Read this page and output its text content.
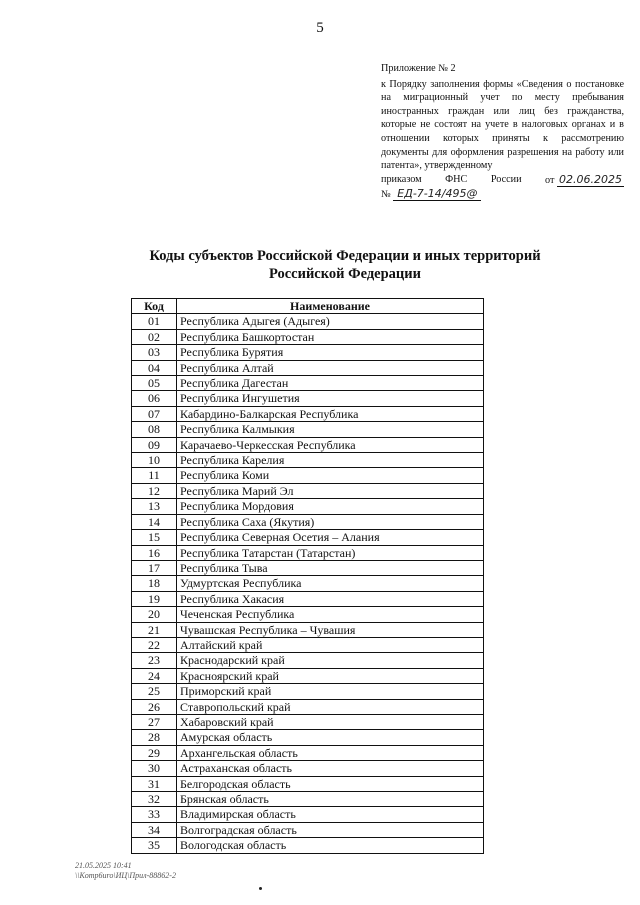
5
Приложение № 2
к Порядку заполнения формы «Сведения о постановке на миграционный учет по месту пребывания иностранных граждан или лиц без гражданства, которые не состоят на учете в налоговых органах и в отношении которых приняты к рассмотрению документы для оформления разрешения на работу или патента», утвержденному
приказом ФНС России от 02.06.2025
№ ЕД-7-14/495@
Коды субъектов Российской Федерации и иных территорий
Российской Федерации
Код	Наименование
01	Республика Адыгея (Адыгея)
02	Республика Башкортостан
03	Республика Бурятия
04	Республика Алтай
05	Республика Дагестан
06	Республика Ингушетия
07	Кабардино-Балкарская Республика
08	Республика Калмыкия
09	Карачаево-Черкесская Республика
10	Республика Карелия
11	Республика Коми
12	Республика Марий Эл
13	Республика Мордовия
14	Республика Саха (Якутия)
15	Республика Северная Осетия – Алания
16	Республика Татарстан (Татарстан)
17	Республика Тыва
18	Удмуртская Республика
19	Республика Хакасия
20	Чеченская Республика
21	Чувашская Республика – Чувашия
22	Алтайский край
23	Краснодарский край
24	Красноярский край
25	Приморский край
26	Ставропольский край
27	Хабаровский край
28	Амурская область
29	Архангельская область
30	Астраханская область
31	Белгородская область
32	Брянская область
33	Владимирская область
34	Волгоградская область
35	Вологодская область
21.05.2025 10:41
\\Komp6uro\ИЦ\Прил-88862-2
